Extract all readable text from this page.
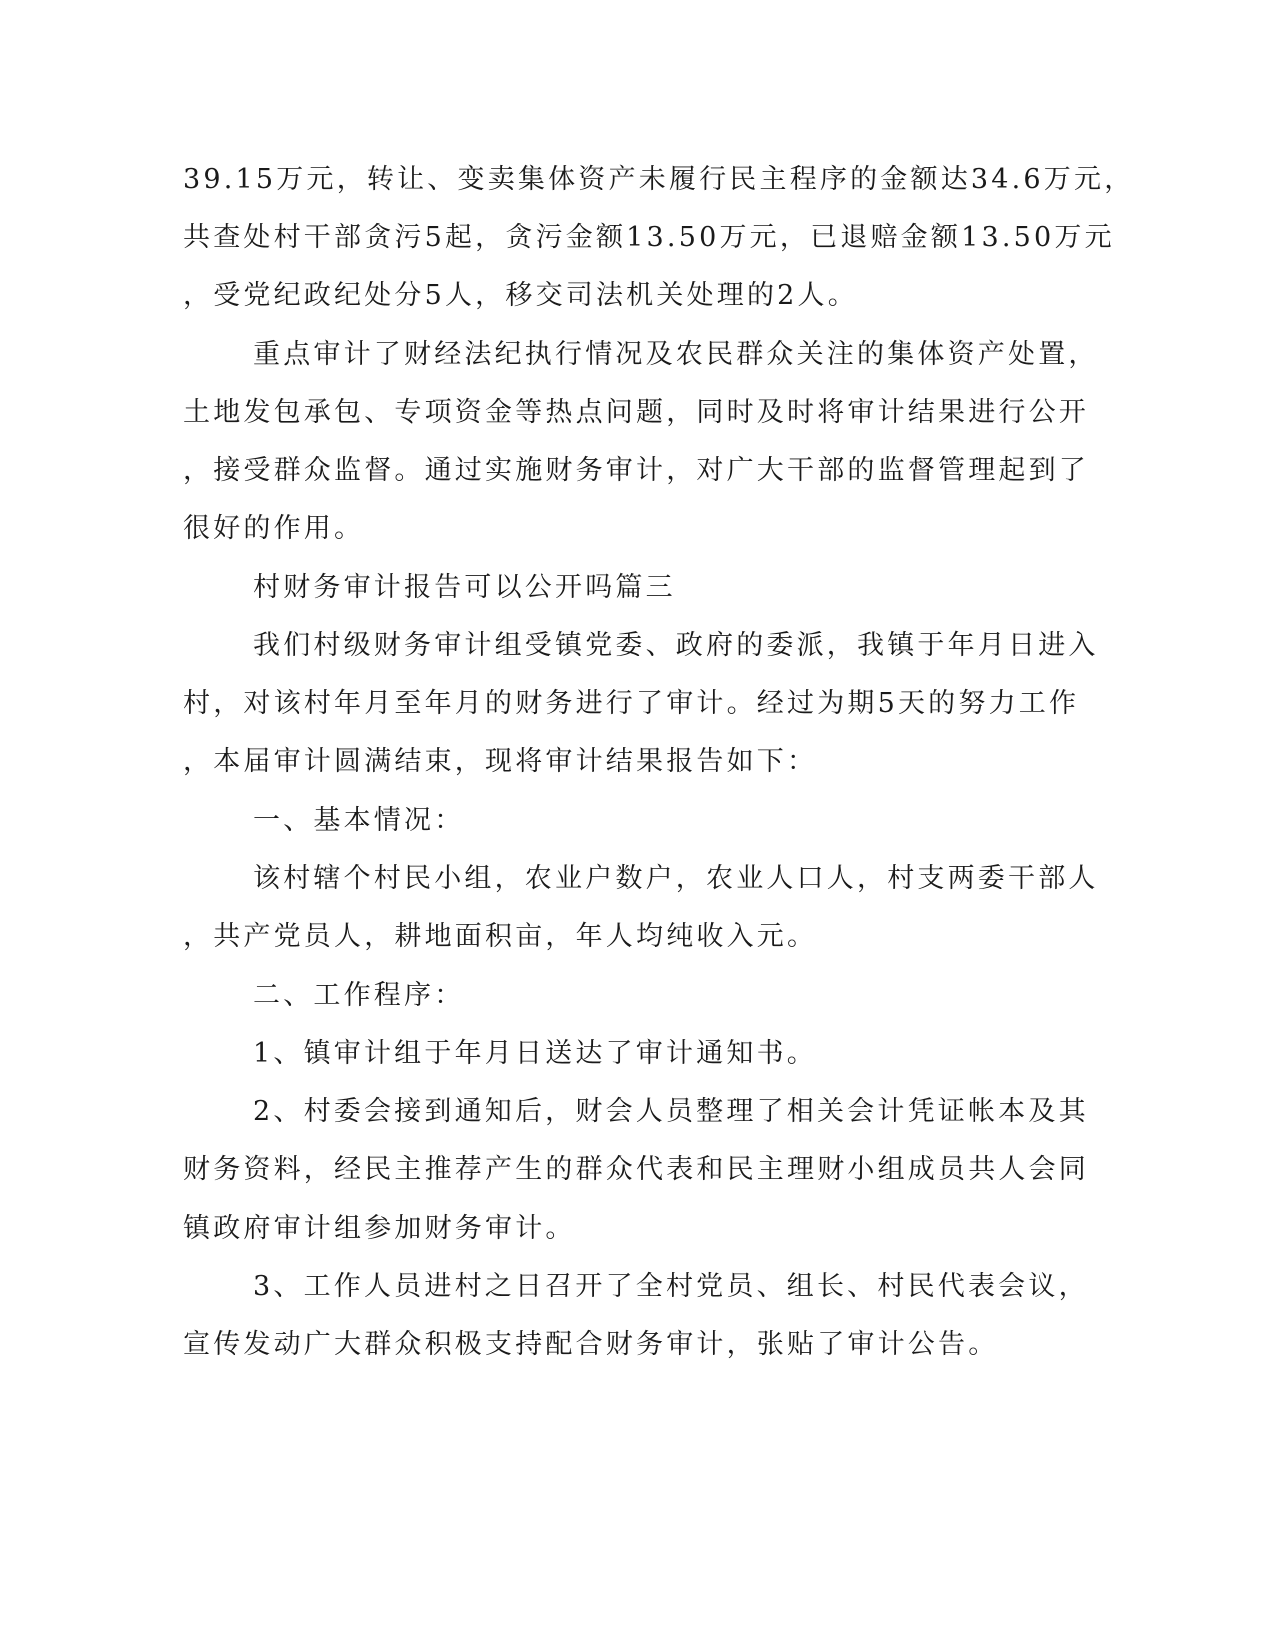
39.15万元，转让、变卖集体资产未履行民主程序的金额达34.6万元，
共查处村干部贪污5起，贪污金额13.50万元，已退赔金额13.50万元
，受党纪政纪处分5人，移交司法机关处理的2人。
重点审计了财经法纪执行情况及农民群众关注的集体资产处置，
土地发包承包、专项资金等热点问题，同时及时将审计结果进行公开
，接受群众监督。通过实施财务审计，对广大干部的监督管理起到了
很好的作用。
村财务审计报告可以公开吗篇三
我们村级财务审计组受镇党委、政府的委派，我镇于年月日进入
村，对该村年月至年月的财务进行了审计。经过为期5天的努力工作
，本届审计圆满结束，现将审计结果报告如下：
一、基本情况：
该村辖个村民小组，农业户数户，农业人口人，村支两委干部人
，共产党员人，耕地面积亩，年人均纯收入元。
二、工作程序：
1、镇审计组于年月日送达了审计通知书。
2、村委会接到通知后，财会人员整理了相关会计凭证帐本及其
财务资料，经民主推荐产生的群众代表和民主理财小组成员共人会同
镇政府审计组参加财务审计。
3、工作人员进村之日召开了全村党员、组长、村民代表会议，
宣传发动广大群众积极支持配合财务审计，张贴了审计公告。
